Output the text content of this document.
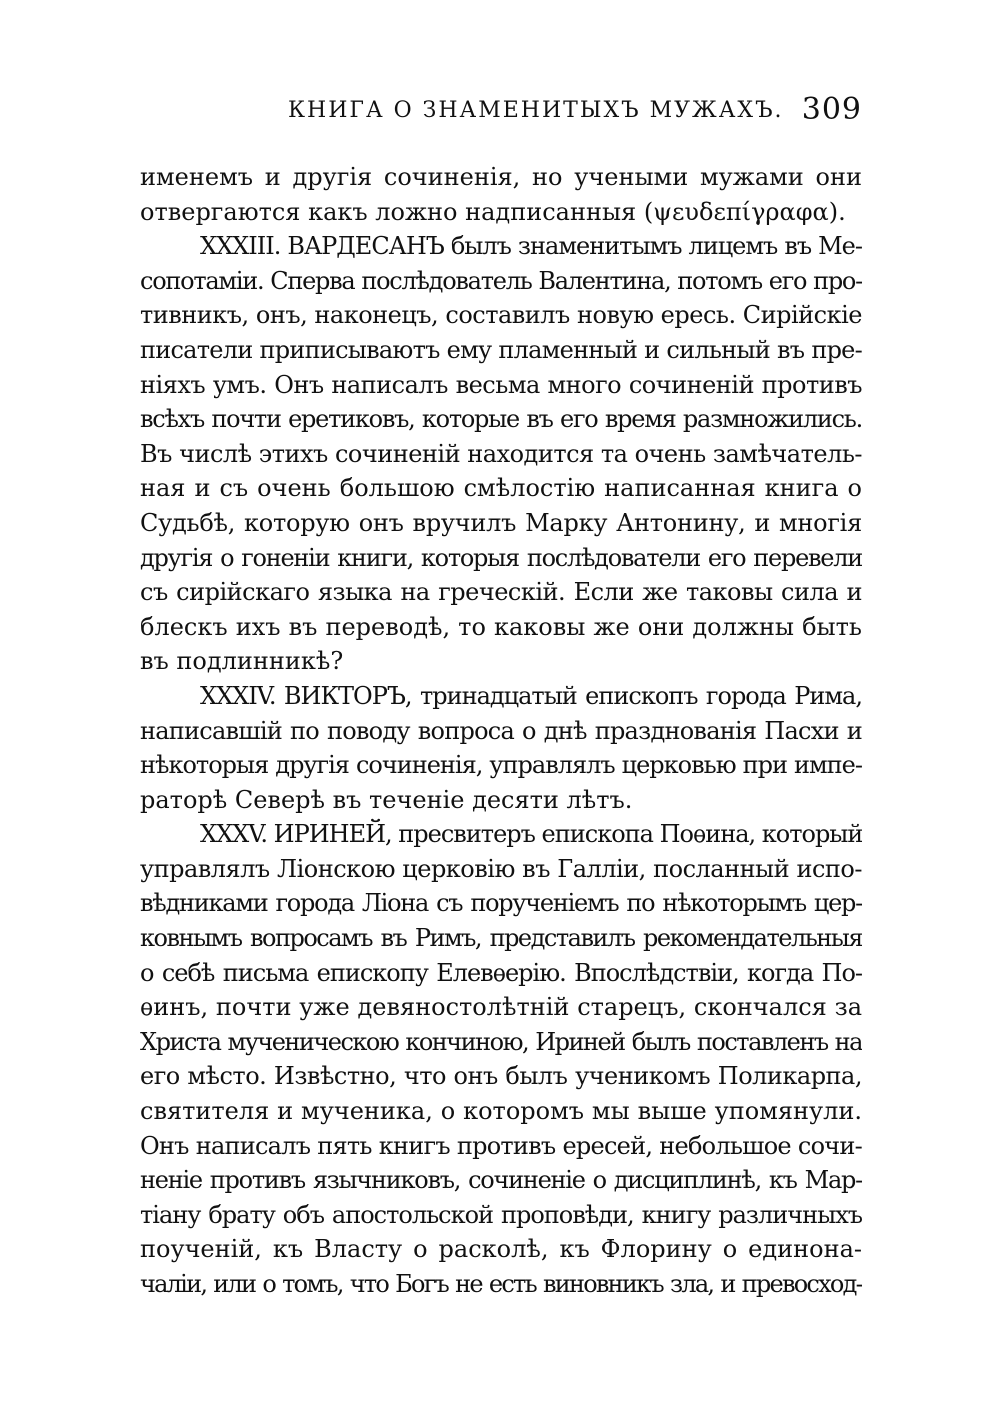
КНИГА О ЗНАМЕНИТЫХЪ МУЖАХЪ. 309
именемъ и другія сочиненія, но учеными мужами они
отвергаются какъ ложно надписанныя (ψευδεπίγραφα).
XXXIII. ВАРДЕСАНЪ былъ знаменитымъ лицемъ въ Ме-
сопотаміи. Сперва послѣдователь Валентина, потомъ его про-
тивникъ, онъ, наконецъ, составилъ новую ересь. Сирійскіе
писатели приписываютъ ему пламенный и сильный въ пре-
ніяхъ умъ. Онъ написалъ весьма много сочиненій противъ
всѣхъ почти еретиковъ, которые въ его время размножились.
Въ числѣ этихъ сочиненій находится та очень замѣчатель-
ная и съ очень большою смѣлостію написанная книга о
Судьбѣ, которую онъ вручилъ Марку Антонину, и многія
другія о гоненіи книги, которыя послѣдователи его перевели
съ сирійскаго языка на греческій. Если же таковы сила и
блескъ ихъ въ переводѣ, то каковы же они должны быть
въ подлинникѣ?
XXXIV. ВИКТОРЪ, тринадцатый епископъ города Рима,
написавшій по поводу вопроса о днѣ празднованія Пасхи и
нѣкоторыя другія сочиненія, управлялъ церковью при импе-
раторѣ Северѣ въ теченіе десяти лѣтъ.
XXXV. ИРИНЕЙ, пресвитеръ епископа Поѳина, который
управлялъ Ліонскою церковію въ Галліи, посланный испо-
вѣдниками города Ліона съ порученіемъ по нѣкоторымъ цер-
ковнымъ вопросамъ въ Римъ, представилъ рекомендательныя
о себѣ письма епископу Елевѳерію. Впослѣдствіи, когда По-
ѳинъ, почти уже девяностолѣтній старецъ, скончался за
Христа мученическою кончиною, Ириней былъ поставленъ на
его мѣсто. Извѣстно, что онъ былъ ученикомъ Поликарпа,
святителя и мученика, о которомъ мы выше упомянули.
Онъ написалъ пять книгъ противъ ересей, небольшое сочи-
неніе противъ язычниковъ, сочиненіе о дисциплинѣ, къ Мар-
тіану брату объ апостольской проповѣди, книгу различныхъ
поученій, къ Власту о расколѣ, къ Флорину о единона-
чаліи, или о томъ, что Богъ не есть виновникъ зла, и превосход-
